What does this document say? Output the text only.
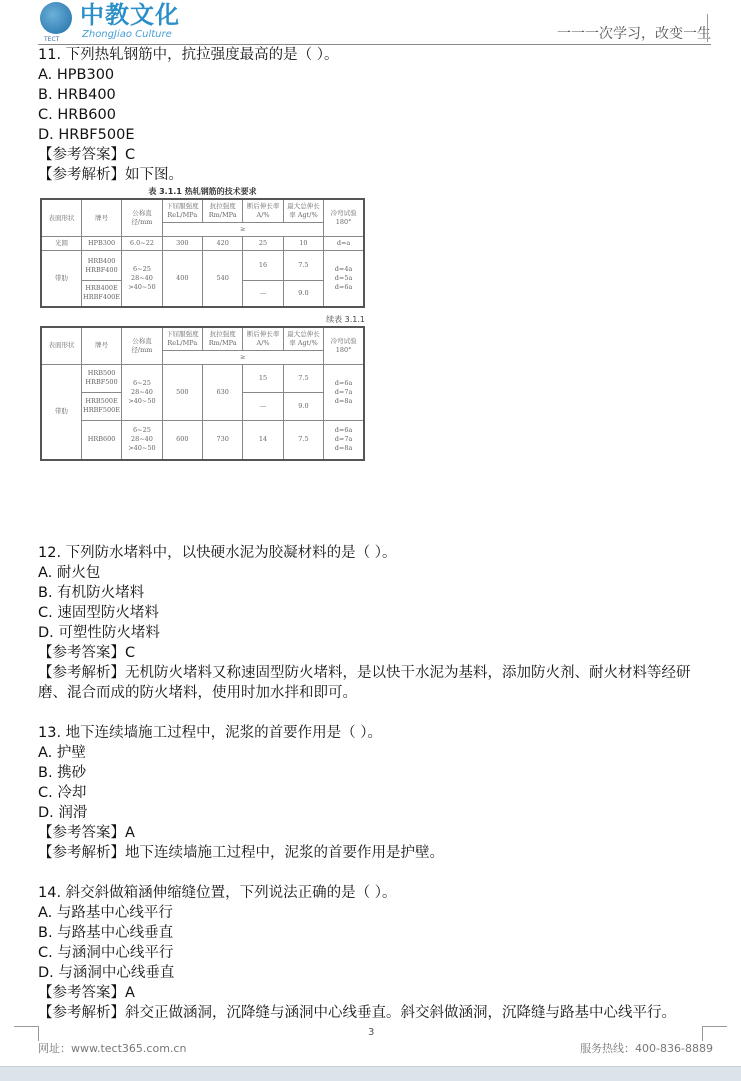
中教文化
ZhongJiao Culture
TECT	一一一次学习，改变一生
11. 下列热轧钢筋中，抗拉强度最高的是（ ）。
A. HPB300
B. HRB400
C. HRB600
D. HRBF500E
【参考答案】C
【参考解析】如下图。
表 3.1.1 热轧钢筋的技术要求
表面形状	牌号	公称直径/mm	下屈服强度 ReL/MPa	抗拉强度 Rm/MPa	断后伸长率 A/%	最大总伸长率 Agt/%	冷弯试验 180°
			≥				
光圆	HPB300	6.0~22	300	420	25	10	d=a
带肋	HRB400 HRBF400	6~25 28~40 >40~50	400	540	16	7.5	d=4a d=5a d=6a
	HRB400E HRBF400E				—	9.0	
续表 3.1.1
表面形状	牌号	公称直径/mm	下屈服强度 ReL/MPa	抗拉强度 Rm/MPa	断后伸长率 A/%	最大总伸长率 Agt/%	冷弯试验 180°
			≥				
带肋	HRB500 HRBF500	6~25 28~40 >40~50	500	630	15	7.5	d=6a d=7a d=8a
	HRB500E HRBF500E				—	9.0	
	HRB600	6~25 28~40 >40~50	600	730	14	7.5	d=6a d=7a d=8a
12. 下列防水堵料中，以快硬水泥为胶凝材料的是（ ）。
A. 耐火包
B. 有机防火堵料
C. 速固型防火堵料
D. 可塑性防火堵料
【参考答案】C
【参考解析】无机防火堵料又称速固型防火堵料，是以快干水泥为基料，添加防火剂、耐火材料等经研磨、混合而成的防火堵料，使用时加水拌和即可。
13. 地下连续墙施工过程中，泥浆的首要作用是（ ）。
A. 护壁
B. 携砂
C. 冷却
D. 润滑
【参考答案】A
【参考解析】地下连续墙施工过程中，泥浆的首要作用是护壁。
14. 斜交斜做箱涵伸缩缝位置，下列说法正确的是（ ）。
A. 与路基中心线平行
B. 与路基中心线垂直
C. 与涵洞中心线平行
D. 与涵洞中心线垂直
【参考答案】A
【参考解析】斜交正做涵洞，沉降缝与涵洞中心线垂直。斜交斜做涵洞，沉降缝与路基中心线平行。
3
网址：www.tect365.com.cn	服务热线：400-836-8889
